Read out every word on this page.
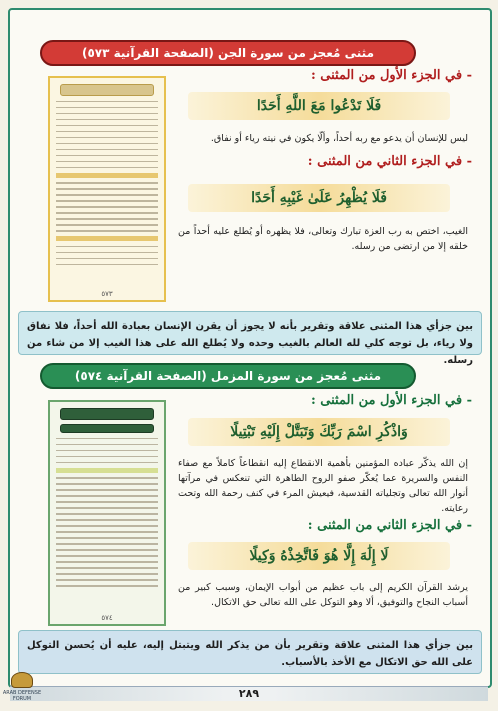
مثنى مُعجز من سورة الجن (الصفحة القرآنية ٥٧٣)
٥٧٣
- في الجزء الأول من المثنى :
فَلَا تَدْعُوا مَعَ اللَّهِ أَحَدًا
ليس للإنسان أن يدعو مع ربه أحداً، وألّا يكون في نيته رياء أو نفاق.
- في الجزء الثاني من المثنى :
فَلَا يُظْهِرُ عَلَىٰ غَيْبِهِ أَحَدًا
الغيب، اختص به رب العزة تبارك وتعالى، فلا يظهره أو يُطلع عليه أحداً من خلقه إلا من ارتضى من رسله.
بين جزأي هذا المثنى علاقة وتقرير بأنه لا يجوز أن يقرن الإنسان بعبادة الله أحداً، فلا نفاق ولا رياء، بل توجه كلي لله العالم بالغيب وحده ولا يُطلع الله على هذا الغيب إلا من شاء من رسله.
مثنى مُعجز من سورة المزمل (الصفحة القرآنية ٥٧٤)
٥٧٤
- في الجزء الأول من المثنى :
وَاذْكُرِ اسْمَ رَبِّكَ وَتَبَتَّلْ إِلَيْهِ تَبْتِيلًا
إن الله يذكّر عباده المؤمنين بأهمية الانقطاع إليه انقطاعاً كاملاً مع صفاء النفس والسريرة عما يُعكّر صفو الروح الطاهرة التي تنعكس في مرآتها أنوار الله تعالى وتجلياته القدسية، فيعيش المرء في كنف رحمة الله وتحت رعايته.
- في الجزء الثاني من المثنى :
لَا إِلَٰهَ إِلَّا هُوَ فَاتَّخِذْهُ وَكِيلًا
يرشد القرآن الكريم إلى باب عظيم من أبواب الإيمان، وسبب كبير من أسباب النجاح والتوفيق، ألا وهو التوكل على الله تعالى حق الاتكال.
بين جزأي هذا المثنى علاقة وتقرير بأن من يذكر الله ويتبتل إليه، عليه أن يُحسن التوكل على الله حق الاتكال مع الأخذ بالأسباب.
٢٨٩
ARAB DEFENSE FORUM
